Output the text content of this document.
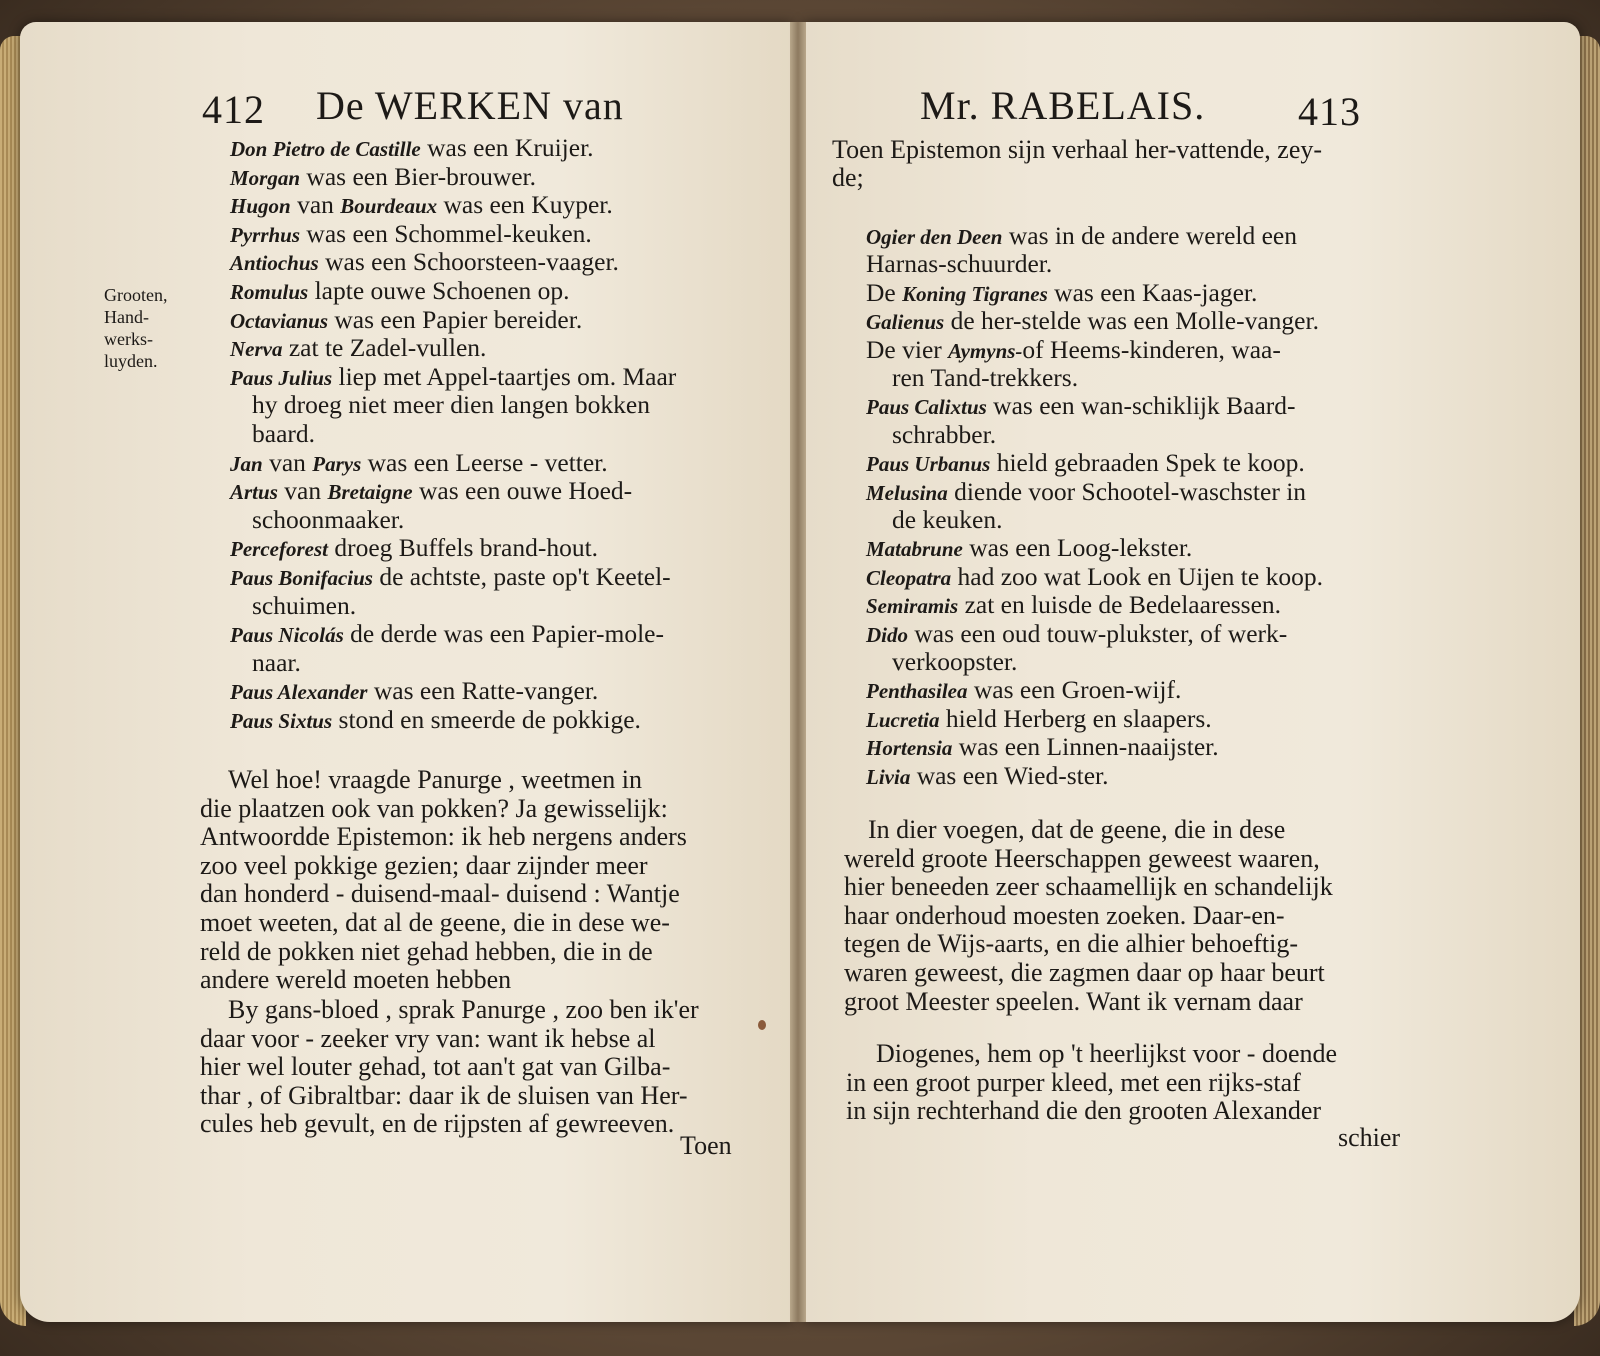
412 De WERKEN van
Grooten,
Hand-
werks-
luyden.
Don Pietro de Castille was een Kruijer.
Morgan was een Bier-brouwer.
Hugon van Bourdeaux was een Kuyper.
Pyrrhus was een Schommel-keuken.
Antiochus was een Schoorsteen-vaager.
Romulus lapte ouwe Schoenen op.
Octavianus was een Papier bereider.
Nerva zat te Zadel-vullen.
Paus Julius liep met Appel-taartjes om. Maar
hy droeg niet meer dien langen bokken
baard.
Jan van Parys was een Leerse - vetter.
Artus van Bretaigne was een ouwe Hoed-
schoonmaaker.
Perceforest droeg Buffels brand-hout.
Paus Bonifacius de achtste, paste op't Keetel-
schuimen.
Paus Nicolás de derde was een Papier-mole-
naar.
Paus Alexander was een Ratte-vanger.
Paus Sixtus stond en smeerde de pokkige.
Wel hoe! vraagde Panurge , weetmen in
die plaatzen ook van pokken? Ja gewisselijk:
Antwoordde Epistemon: ik heb nergens anders
zoo veel pokkige gezien; daar zijnder meer
dan honderd - duisend-maal- duisend : Wantje
moet weeten, dat al de geene, die in dese we-
reld de pokken niet gehad hebben, die in de
andere wereld moeten hebben
By gans-bloed , sprak Panurge , zoo ben ik'er
daar voor - zeeker vry van: want ik hebse al
hier wel louter gehad, tot aan't gat van Gilba-
thar , of Gibraltbar: daar ik de sluisen van Her-
cules heb gevult, en de rijpsten af gewreeven.
Toen
Mr. RABELAIS. 413
Toen Epistemon sijn verhaal her-vattende, zey-
de;
Ogier den Deen was in de andere wereld een
Harnas-schuurder.
De Koning Tigranes was een Kaas-jager.
Galienus de her-stelde was een Molle-vanger.
De vier Aymyns-of Heems-kinderen, waa-
ren Tand-trekkers.
Paus Calixtus was een wan-schiklijk Baard-
schrabber.
Paus Urbanus hield gebraaden Spek te koop.
Melusina diende voor Schootel-waschster in
de keuken.
Matabrune was een Loog-lekster.
Cleopatra had zoo wat Look en Uijen te koop.
Semiramis zat en luisde de Bedelaaressen.
Dido was een oud touw-plukster, of werk-
verkoopster.
Penthasilea was een Groen-wijf.
Lucretia hield Herberg en slaapers.
Hortensia was een Linnen-naaijster.
Livia was een Wied-ster.
In dier voegen, dat de geene, die in dese
wereld groote Heerschappen geweest waaren,
hier beneeden zeer schaamellijk en schandelijk
haar onderhoud moesten zoeken. Daar-en-
tegen de Wijs-aarts, en die alhier behoeftig-
waren geweest, die zagmen daar op haar beurt
groot Meester speelen. Want ik vernam daar
Diogenes, hem op 't heerlijkst voor - doende
in een groot purper kleed, met een rijks-staf
in sijn rechterhand die den grooten Alexander
schier
